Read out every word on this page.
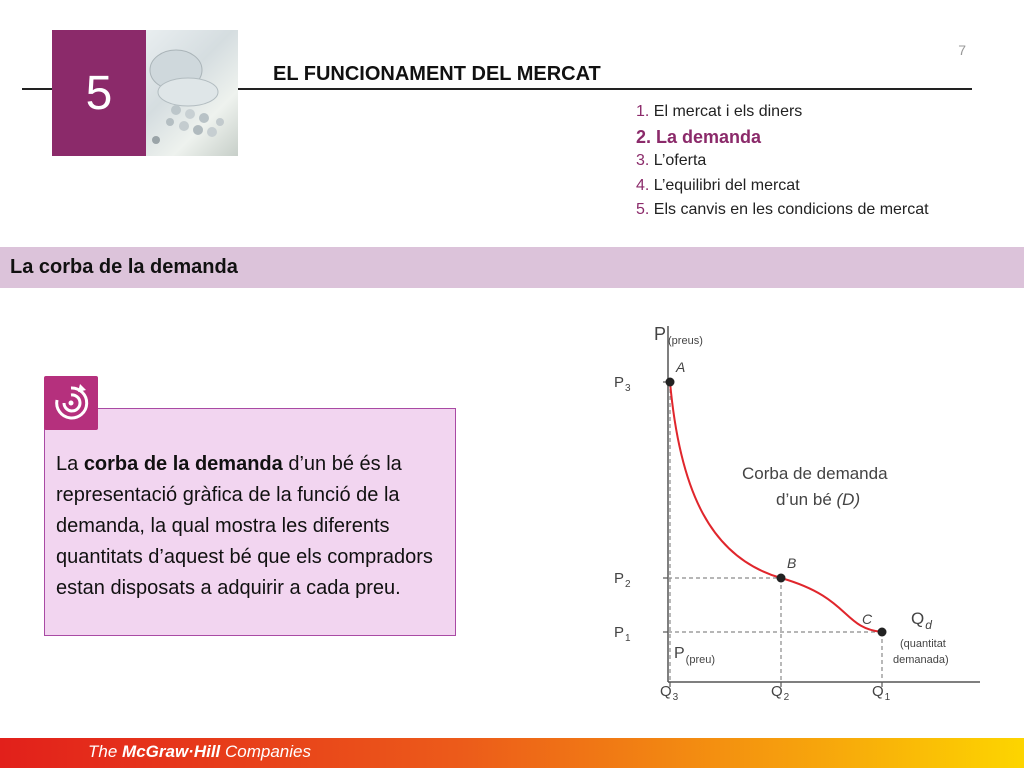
7
5	EL FUNCIONAMENT DEL MERCAT
1. El mercat i els diners
2. La demanda
3. L’oferta
4. L’equilibri del mercat
5. Els canvis en les condicions de mercat
La corba de la demanda
La corba de la demanda d’un bé és la representació gràfica de la funció de la demanda, la qual mostra les diferents quantitats d’aquest bé que els compradors estan disposats a adquirir a cada preu.
P $_{(preus)}$
$P_{(preu)}$
Corba de demanda
d’un bé (D)
$Q_d$
(quantitat
demanada)
$P_3$
$Q_3$
$P_2$
$Q_2$
$P_1$
$Q_1$
A
B
C
The McGraw·Hill Companies
